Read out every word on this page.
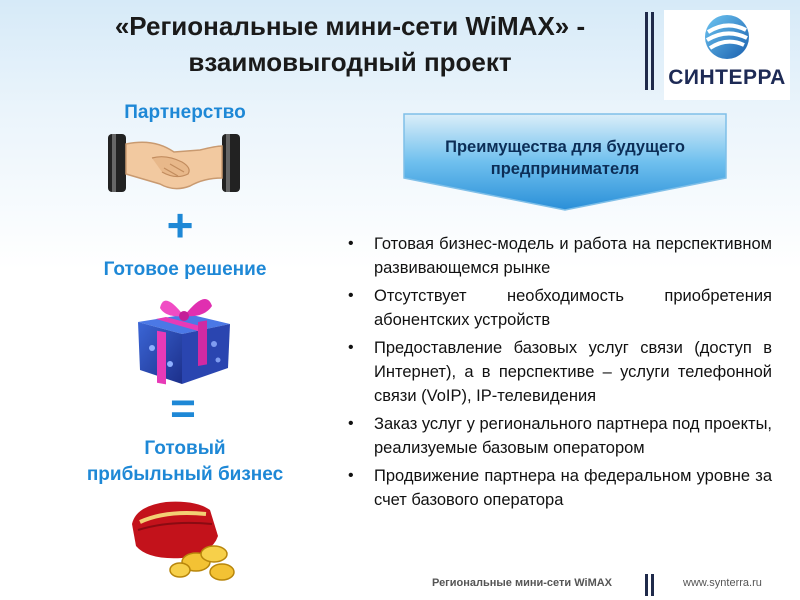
«Региональные мини-сети WiMAX» -
взаимовыгодный проект
СИНТЕРРА
Партнерство
+
Готовое решение
=
Готовый
прибыльный бизнес
Преимущества для будущего
предпринимателя
• Готовая бизнес-модель и работа на перспективном развивающемся рынке
• Отсутствует необходимость приобретения абонентских устройств
• Предоставление базовых услуг связи (доступ в Интернет), а в перспективе – услуги телефонной связи (VoIP), IP-телевидения
• Заказ услуг у регионального партнера под проекты, реализуемые базовым оператором
• Продвижение партнера на федеральном уровне за счет базового оператора
Региональные мини-сети WiMAX	www.synterra.ru
